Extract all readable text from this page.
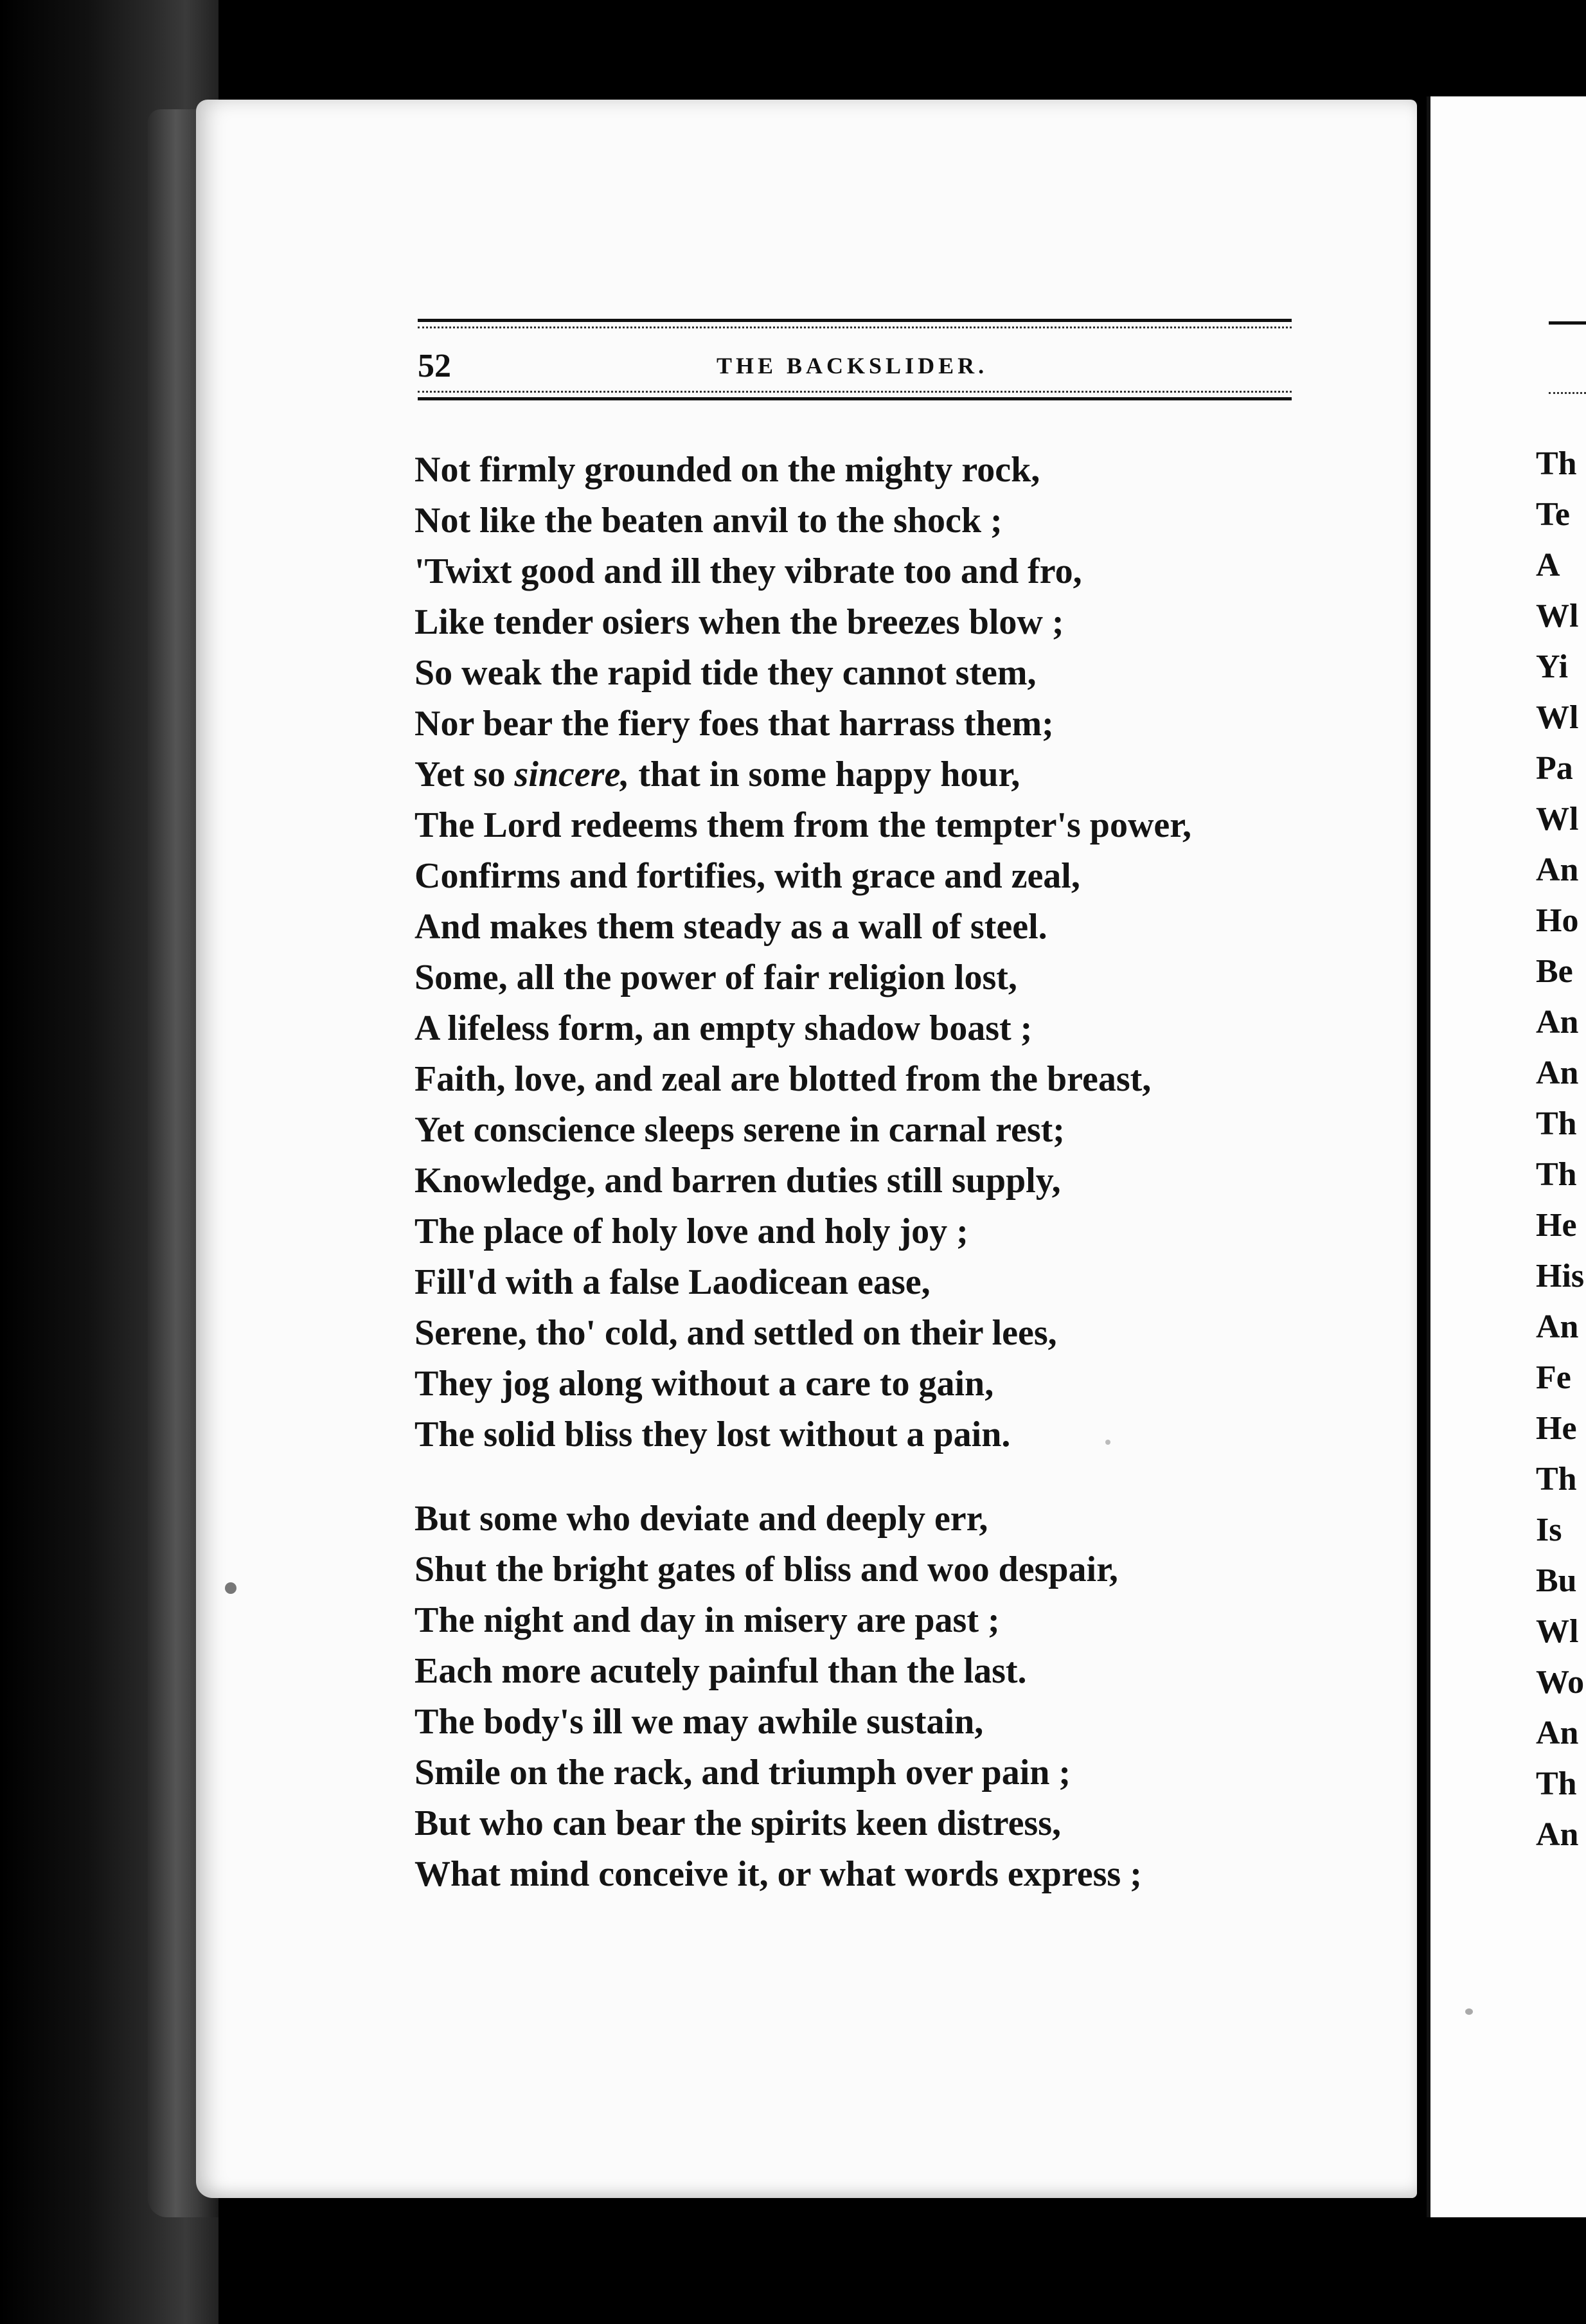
52	THE BACKSLIDER.
Not firmly grounded on the mighty rock,
Not like the beaten anvil to the shock ;
'Twixt good and ill they vibrate too and fro,
Like tender osiers when the breezes blow ;
So weak the rapid tide they cannot stem,
Nor bear the fiery foes that harrass them;
Yet so sincere, that in some happy hour,
The Lord redeems them from the tempter's power,
Confirms and fortifies, with grace and zeal,
And makes them steady as a wall of steel.
Some, all the power of fair religion lost,
A lifeless form, an empty shadow boast ;
Faith, love, and zeal are blotted from the breast,
Yet conscience sleeps serene in carnal rest;
Knowledge, and barren duties still supply,
The place of holy love and holy joy ;
Fill'd with a false Laodicean ease,
Serene, tho' cold, and settled on their lees,
They jog along without a care to gain,
The solid bliss they lost without a pain.
But some who deviate and deeply err,
Shut the bright gates of bliss and woo despair,
The night and day in misery are past ;
Each more acutely painful than the last.
The body's ill we may awhile sustain,
Smile on the rack, and triumph over pain ;
But who can bear the spirits keen distress,
What mind conceive it, or what words express ;
Th
Te
A
Wl
Yi
Wl
Pa
Wl
An
Ho
Be
An
An
Th
Th
He
His
An
Fe
He
Th
Is
Bu
Wl
Wo
An
Th
An
